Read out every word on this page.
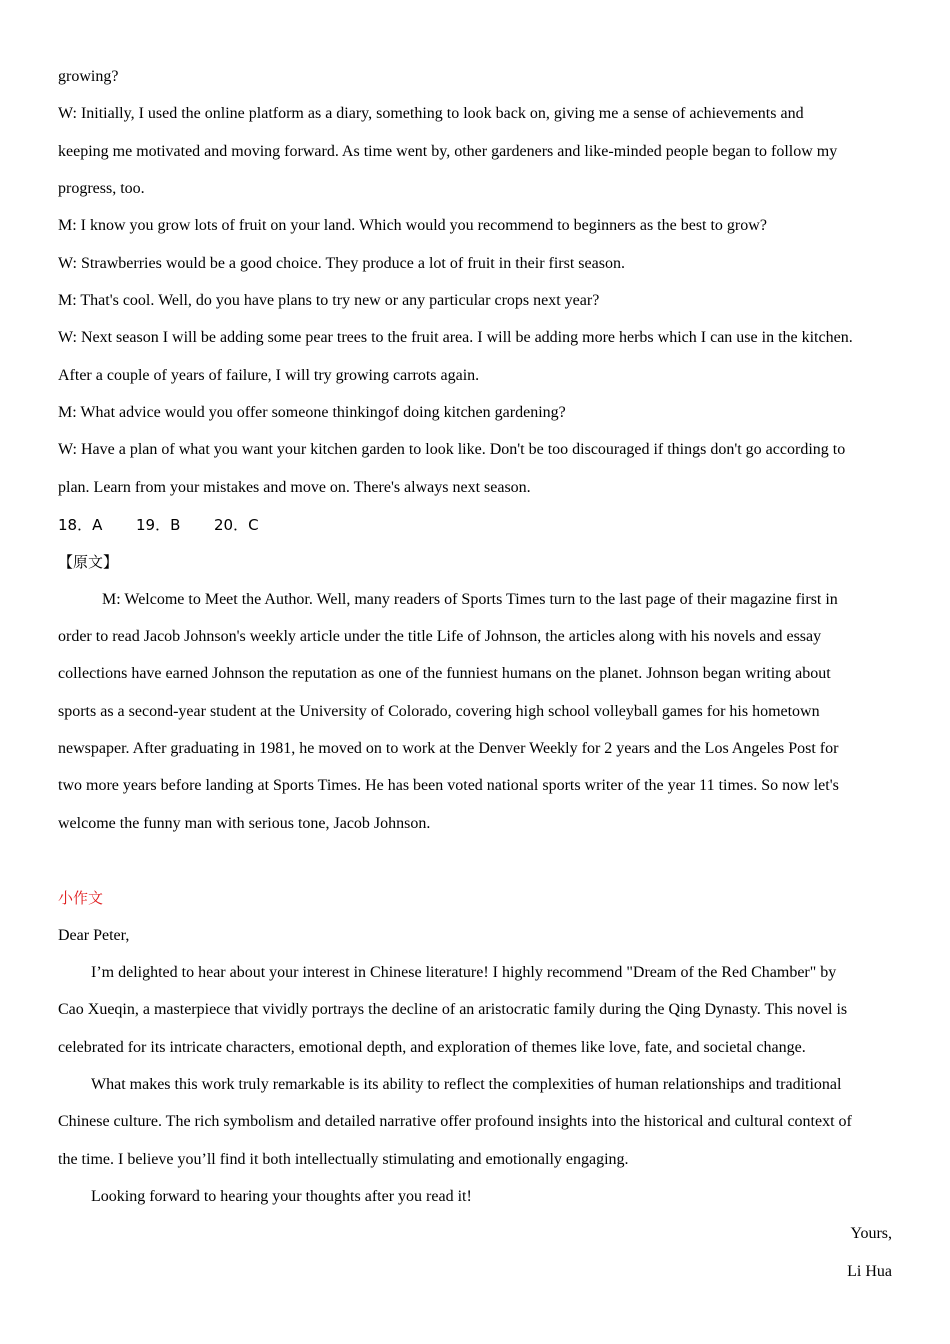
growing?
W: Initially, I used the online platform as a diary, something to look back on, giving me a sense of achievements and
keeping me motivated and moving forward. As time went by, other gardeners and like-minded people began to follow my
progress, too.
M: I know you grow lots of fruit on your land. Which would you recommend to beginners as the best to grow?
W: Strawberries would be a good choice. They produce a lot of fruit in their first season.
M: That's cool. Well, do you have plans to try new or any particular crops next year?
W: Next season I will be adding some pear trees to the fruit area. I will be adding more herbs which I can use in the kitchen.
After a couple of years of failure, I will try growing carrots again.
M: What advice would you offer someone thinkingof doing kitchen gardening?
W: Have a plan of what you want your kitchen garden to look like. Don't be too discouraged if things don't go according to
plan. Learn from your mistakes and move on. There's always next season.
18．A 19．B 20．C
【原文】
M: Welcome to Meet the Author. Well, many readers of Sports Times turn to the last page of their magazine first in
order to read Jacob Johnson's weekly article under the title Life of Johnson, the articles along with his novels and essay
collections have earned Johnson the reputation as one of the funniest humans on the planet. Johnson began writing about
sports as a second-year student at the University of Colorado, covering high school volleyball games for his hometown
newspaper. After graduating in 1981, he moved on to work at the Denver Weekly for 2 years and the Los Angeles Post for
two more years before landing at Sports Times. He has been voted national sports writer of the year 11 times. So now let's
welcome the funny man with serious tone, Jacob Johnson.
小作文
Dear Peter,
I’m delighted to hear about your interest in Chinese literature! I highly recommend "Dream of the Red Chamber" by
Cao Xueqin, a masterpiece that vividly portrays the decline of an aristocratic family during the Qing Dynasty. This novel is
celebrated for its intricate characters, emotional depth, and exploration of themes like love, fate, and societal change.
What makes this work truly remarkable is its ability to reflect the complexities of human relationships and traditional
Chinese culture. The rich symbolism and detailed narrative offer profound insights into the historical and cultural context of
the time. I believe you’ll find it both intellectually stimulating and emotionally engaging.
Looking forward to hearing your thoughts after you read it!
Yours,
Li Hua
